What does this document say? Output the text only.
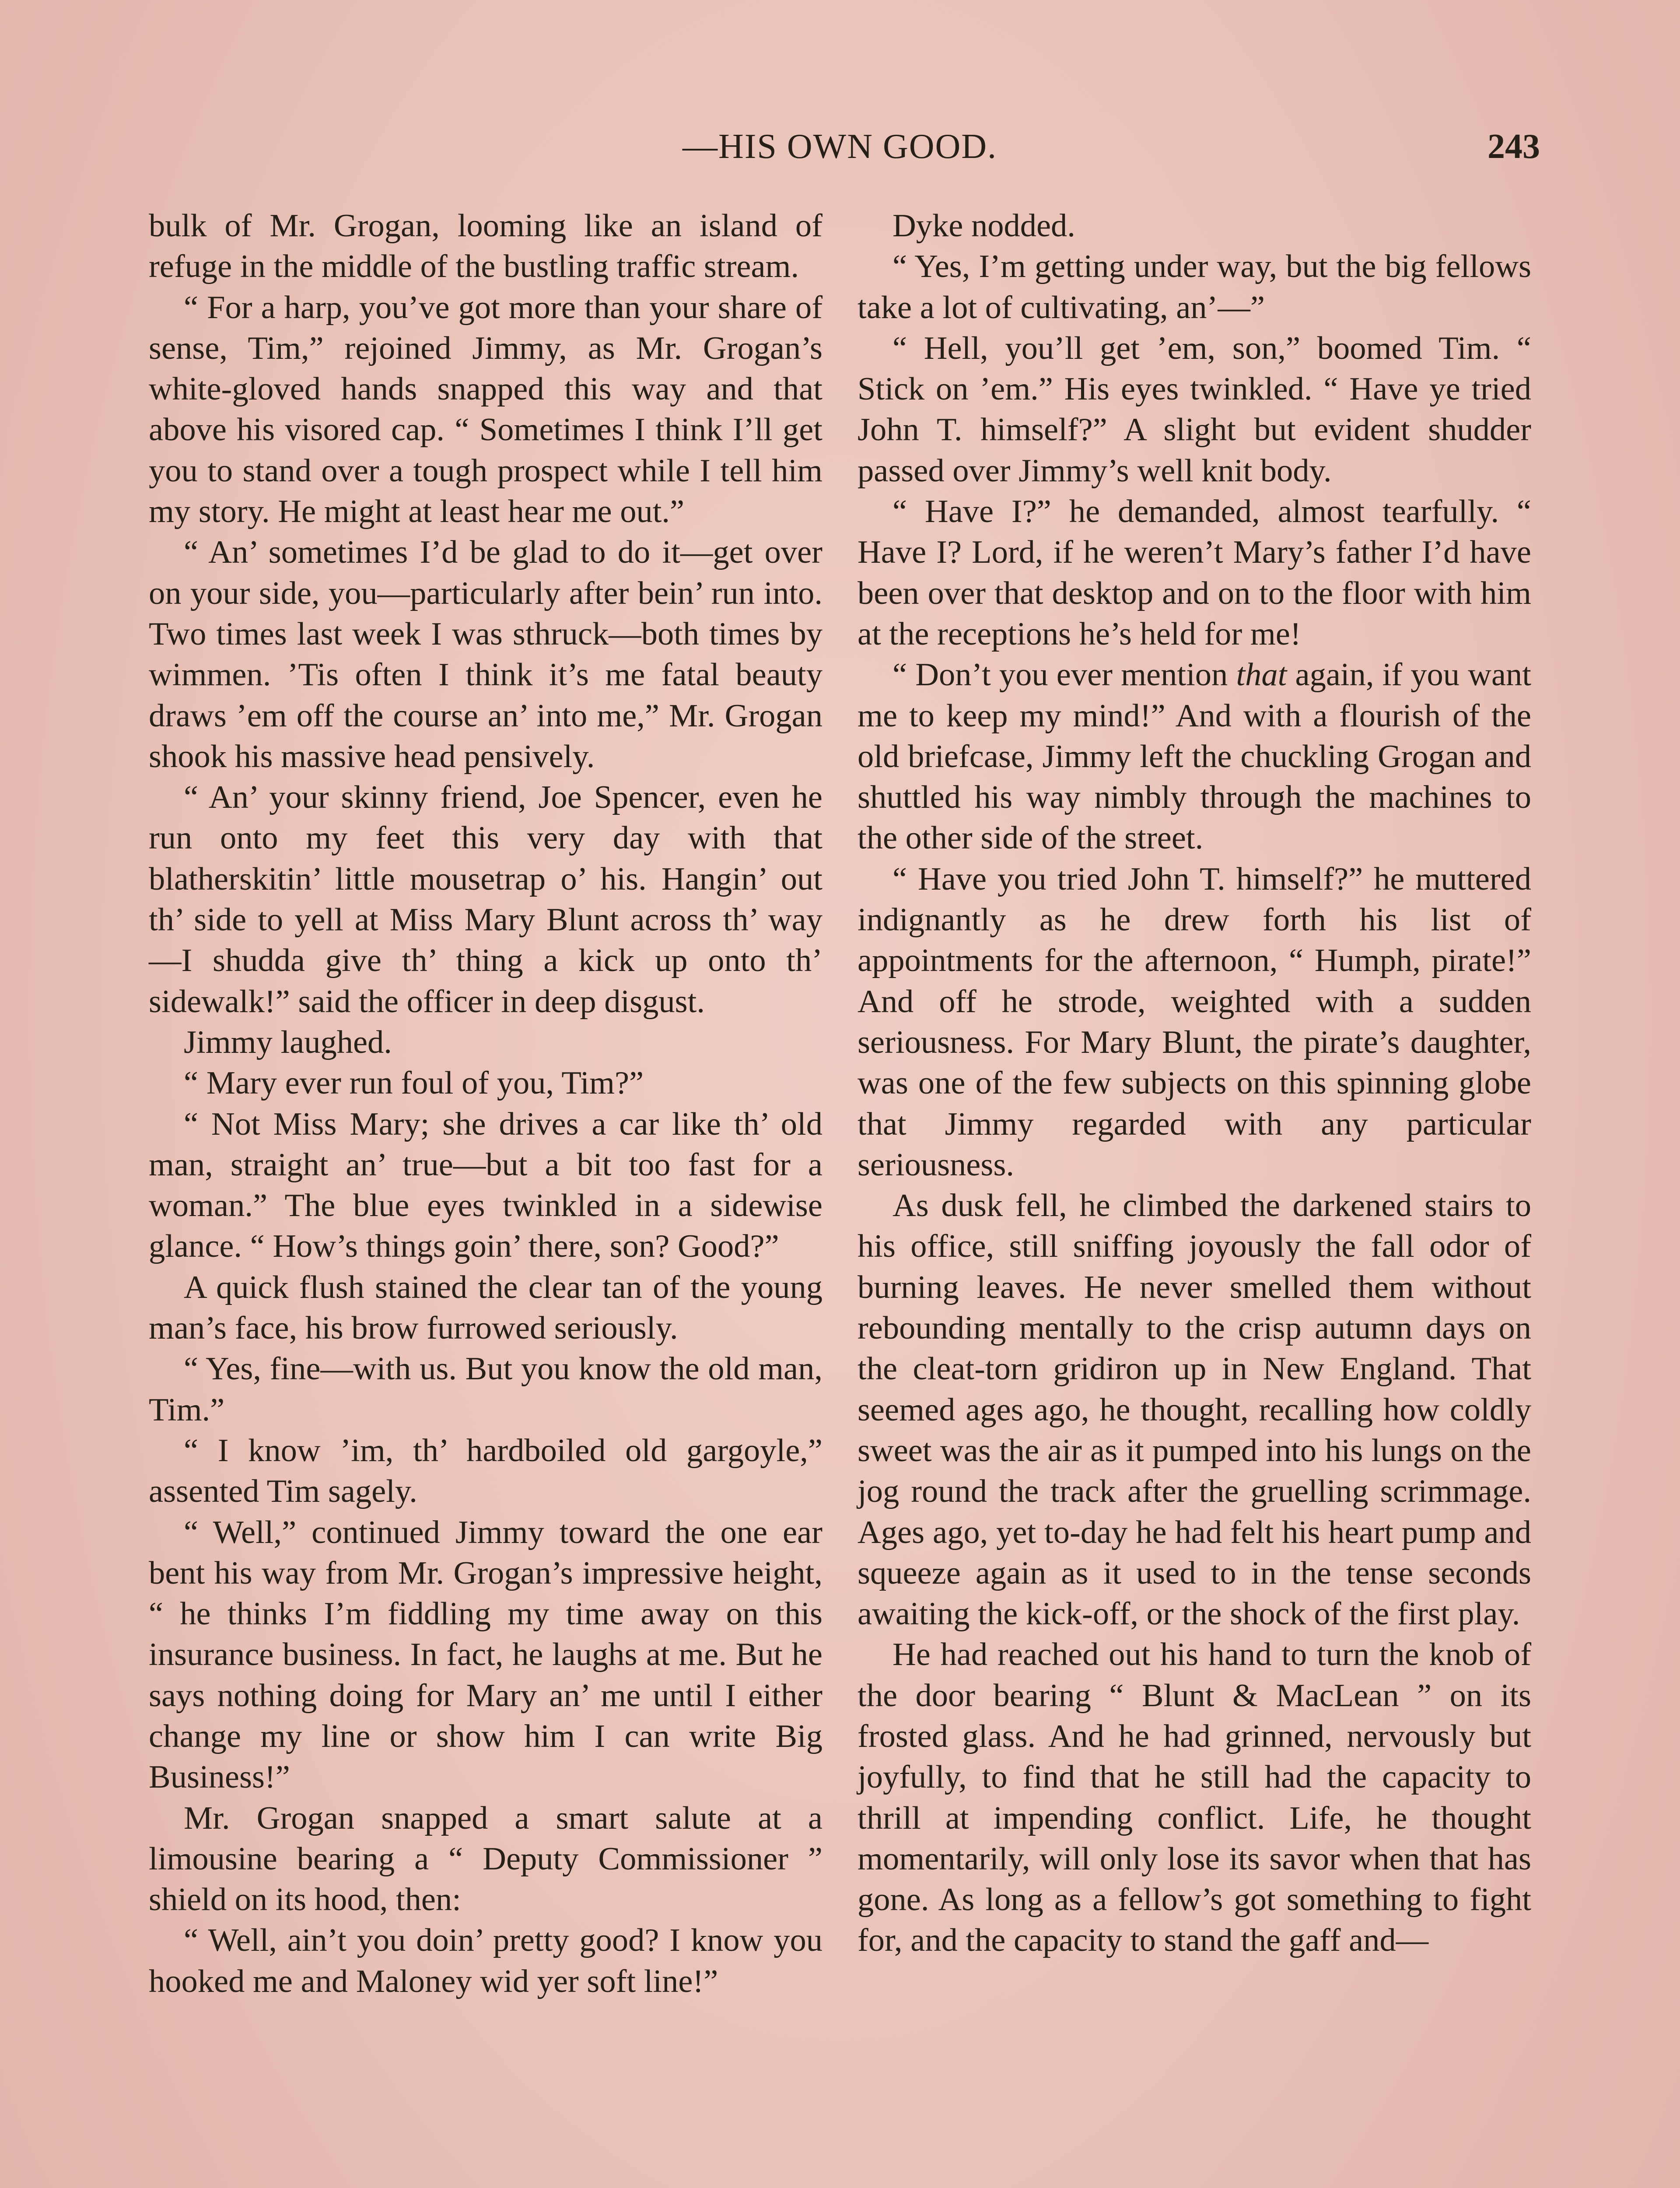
—HIS OWN GOOD.	243

bulk of Mr. Grogan, looming like an island of refuge in the middle of the bustling traffic stream.

“ For a harp, you’ve got more than your share of sense, Tim,” rejoined Jimmy, as Mr. Grogan’s white-gloved hands snapped this way and that above his visored cap. “ Sometimes I think I’ll get you to stand over a tough prospect while I tell him my story. He might at least hear me out.”

“ An’ sometimes I’d be glad to do it—get over on your side, you—particularly after bein’ run into. Two times last week I was sthruck—both times by wimmen. ’Tis often I think it’s me fatal beauty draws ’em off the course an’ into me,” Mr. Grogan shook his massive head pensively.

“ An’ your skinny friend, Joe Spencer, even he run onto my feet this very day with that blatherskitin’ little mousetrap o’ his. Hangin’ out th’ side to yell at Miss Mary Blunt across th’ way—I shudda give th’ thing a kick up onto th’ sidewalk!” said the officer in deep disgust.

Jimmy laughed.

“ Mary ever run foul of you, Tim?”

“ Not Miss Mary; she drives a car like th’ old man, straight an’ true—but a bit too fast for a woman.” The blue eyes twinkled in a sidewise glance. “ How’s things goin’ there, son? Good?”

A quick flush stained the clear tan of the young man’s face, his brow furrowed seriously.

“ Yes, fine—with us. But you know the old man, Tim.”

“ I know ’im, th’ hardboiled old gargoyle,” assented Tim sagely.

“ Well,” continued Jimmy toward the one ear bent his way from Mr. Grogan’s impressive height, “ he thinks I’m fiddling my time away on this insurance business. In fact, he laughs at me. But he says nothing doing for Mary an’ me until I either change my line or show him I can write Big Business!”

Mr. Grogan snapped a smart salute at a limousine bearing a “ Deputy Commissioner ” shield on its hood, then:

“ Well, ain’t you doin’ pretty good? I know you hooked me and Maloney wid yer soft line!”

Dyke nodded.

“ Yes, I’m getting under way, but the big fellows take a lot of cultivating, an’—”

“ Hell, you’ll get ’em, son,” boomed Tim. “ Stick on ’em.” His eyes twinkled. “ Have ye tried John T. himself?” A slight but evident shudder passed over Jimmy’s well knit body.

“ Have I?” he demanded, almost tearfully. “ Have I? Lord, if he weren’t Mary’s father I’d have been over that desktop and on to the floor with him at the receptions he’s held for me!

“ Don’t you ever mention that again, if you want me to keep my mind!” And with a flourish of the old briefcase, Jimmy left the chuckling Grogan and shuttled his way nimbly through the machines to the other side of the street.

“ Have you tried John T. himself?” he muttered indignantly as he drew forth his list of appointments for the afternoon, “ Humph, pirate!” And off he strode, weighted with a sudden seriousness. For Mary Blunt, the pirate’s daughter, was one of the few subjects on this spinning globe that Jimmy regarded with any particular seriousness.

As dusk fell, he climbed the darkened stairs to his office, still sniffing joyously the fall odor of burning leaves. He never smelled them without rebounding mentally to the crisp autumn days on the cleat-torn gridiron up in New England. That seemed ages ago, he thought, recalling how coldly sweet was the air as it pumped into his lungs on the jog round the track after the gruelling scrimmage. Ages ago, yet to-day he had felt his heart pump and squeeze again as it used to in the tense seconds awaiting the kick-off, or the shock of the first play.

He had reached out his hand to turn the knob of the door bearing “ Blunt & MacLean ” on its frosted glass. And he had grinned, nervously but joyfully, to find that he still had the capacity to thrill at impending conflict. Life, he thought momentarily, will only lose its savor when that has gone. As long as a fellow’s got something to fight for, and the capacity to stand the gaff and—
